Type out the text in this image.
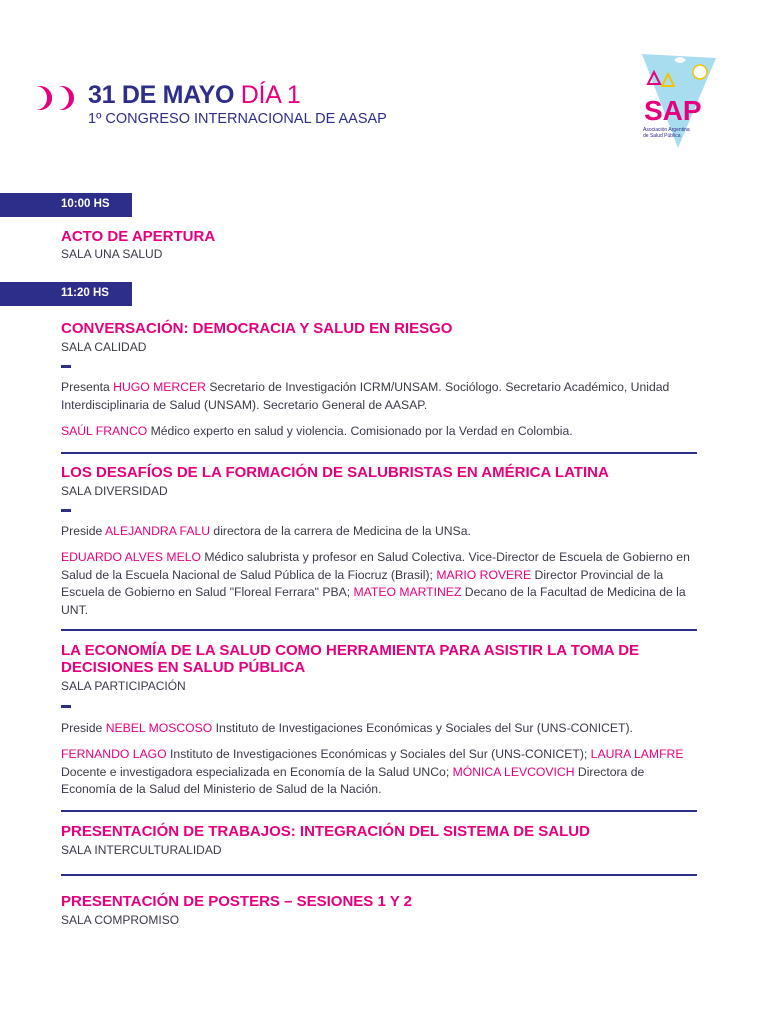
31 DE MAYO DÍA 1
1º CONGRESO INTERNACIONAL DE AASAP	SAP
Asociación Argentina
de Salud Pública
10:00 HS
ACTO DE APERTURA
SALA UNA SALUD
11:20 HS
CONVERSACIÓN: DEMOCRACIA Y SALUD EN RIESGO
SALA CALIDAD
Presenta HUGO MERCER Secretario de Investigación ICRM/UNSAM. Sociólogo. Secretario Académico, Unidad Interdisciplinaria de Salud (UNSAM). Secretario General de AASAP.
SAÚL FRANCO Médico experto en salud y violencia. Comisionado por la Verdad en Colombia.
LOS DESAFÍOS DE LA FORMACIÓN DE SALUBRISTAS EN AMÉRICA LATINA
SALA DIVERSIDAD
Preside ALEJANDRA FALU directora de la carrera de Medicina de la UNSa.
EDUARDO ALVES MELO Médico salubrista y profesor en Salud Colectiva. Vice-Director de Escuela de Gobierno en Salud de la Escuela Nacional de Salud Pública de la Fiocruz (Brasil); MARIO ROVERE Director Provincial de la Escuela de Gobierno en Salud "Floreal Ferrara" PBA; MATEO MARTINEZ Decano de la Facultad de Medicina de la UNT.
LA ECONOMÍA DE LA SALUD COMO HERRAMIENTA PARA ASISTIR LA TOMA DE DECISIONES EN SALUD PÚBLICA
SALA PARTICIPACIÓN
Preside NEBEL MOSCOSO Instituto de Investigaciones Económicas y Sociales del Sur (UNS-CONICET).
FERNANDO LAGO Instituto de Investigaciones Económicas y Sociales del Sur (UNS-CONICET); LAURA LAMFRE Docente e investigadora especializada en Economía de la Salud UNCo; MÓNICA LEVCOVICH Directora de Economía de la Salud del Ministerio de Salud de la Nación.
PRESENTACIÓN DE TRABAJOS: INTEGRACIÓN DEL SISTEMA DE SALUD
SALA INTERCULTURALIDAD
PRESENTACIÓN DE POSTERS – SESIONES 1 Y 2
SALA COMPROMISO
